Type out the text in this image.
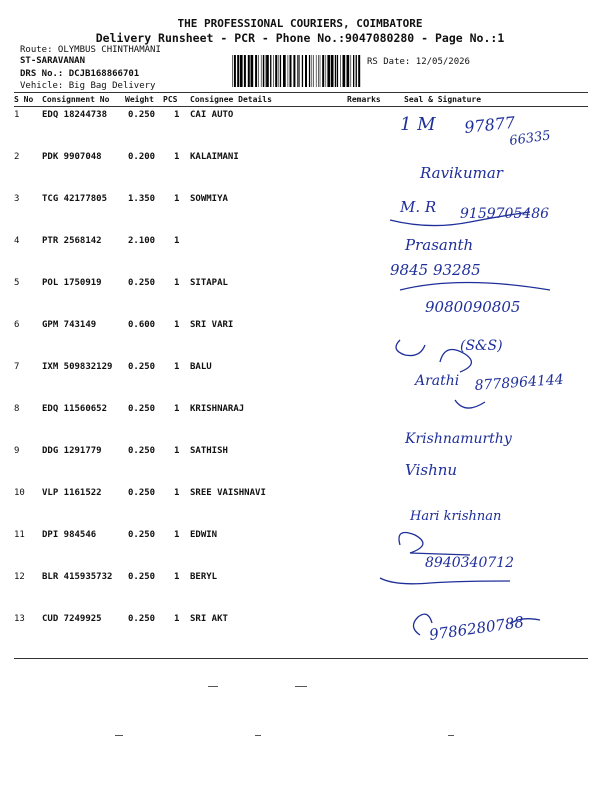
THE PROFESSIONAL COURIERS, COIMBATORE
Delivery Runsheet - PCR - Phone No.:9047080280 - Page No.:1
Route: OLYMBUS CHINTHAMANI
ST-SARAVANAN
DRS No.: DCJB168866701
Vehicle: Big Bag Delivery
RS Date: 12/05/2026
S No Consignment No Weight PCS Consignee Details	Remarks	Seal & Signature
1	EDQ 18244738 0.250 1 CAI AUTO
2	PDK 9907048	0.200 1 KALAIMANI
3	TCG 42177805 1.350 1 SOWMIYA
4	PTR 2568142	2.100 1
5	POL 1750919	0.250 1 SITAPAL
6	GPM 743149	0.600 1 SRI VARI
7	IXM 509832129 0.250 1 BALU
8	EDQ 11560652 0.250 1 KRISHNARAJ
9	DDG 1291779	0.250 1 SATHISH
10 VLP 1161522	0.250 1 SREE VAISHNAVI
11 DPI 984546	0.250 1 EDWIN
12 BLR 415935732 0.250 1 BERYL
13 CUD 7249925	0.250 1 SRI AKT
1 M 97877
66335
Ravikumar
M. R 9159705486
Prasanth
9845 93285
9080090805
(S&S)
Arathi 8778964144
Krishnamurthy
Vishnu
Hari krishnan
8940340712
9786280788
